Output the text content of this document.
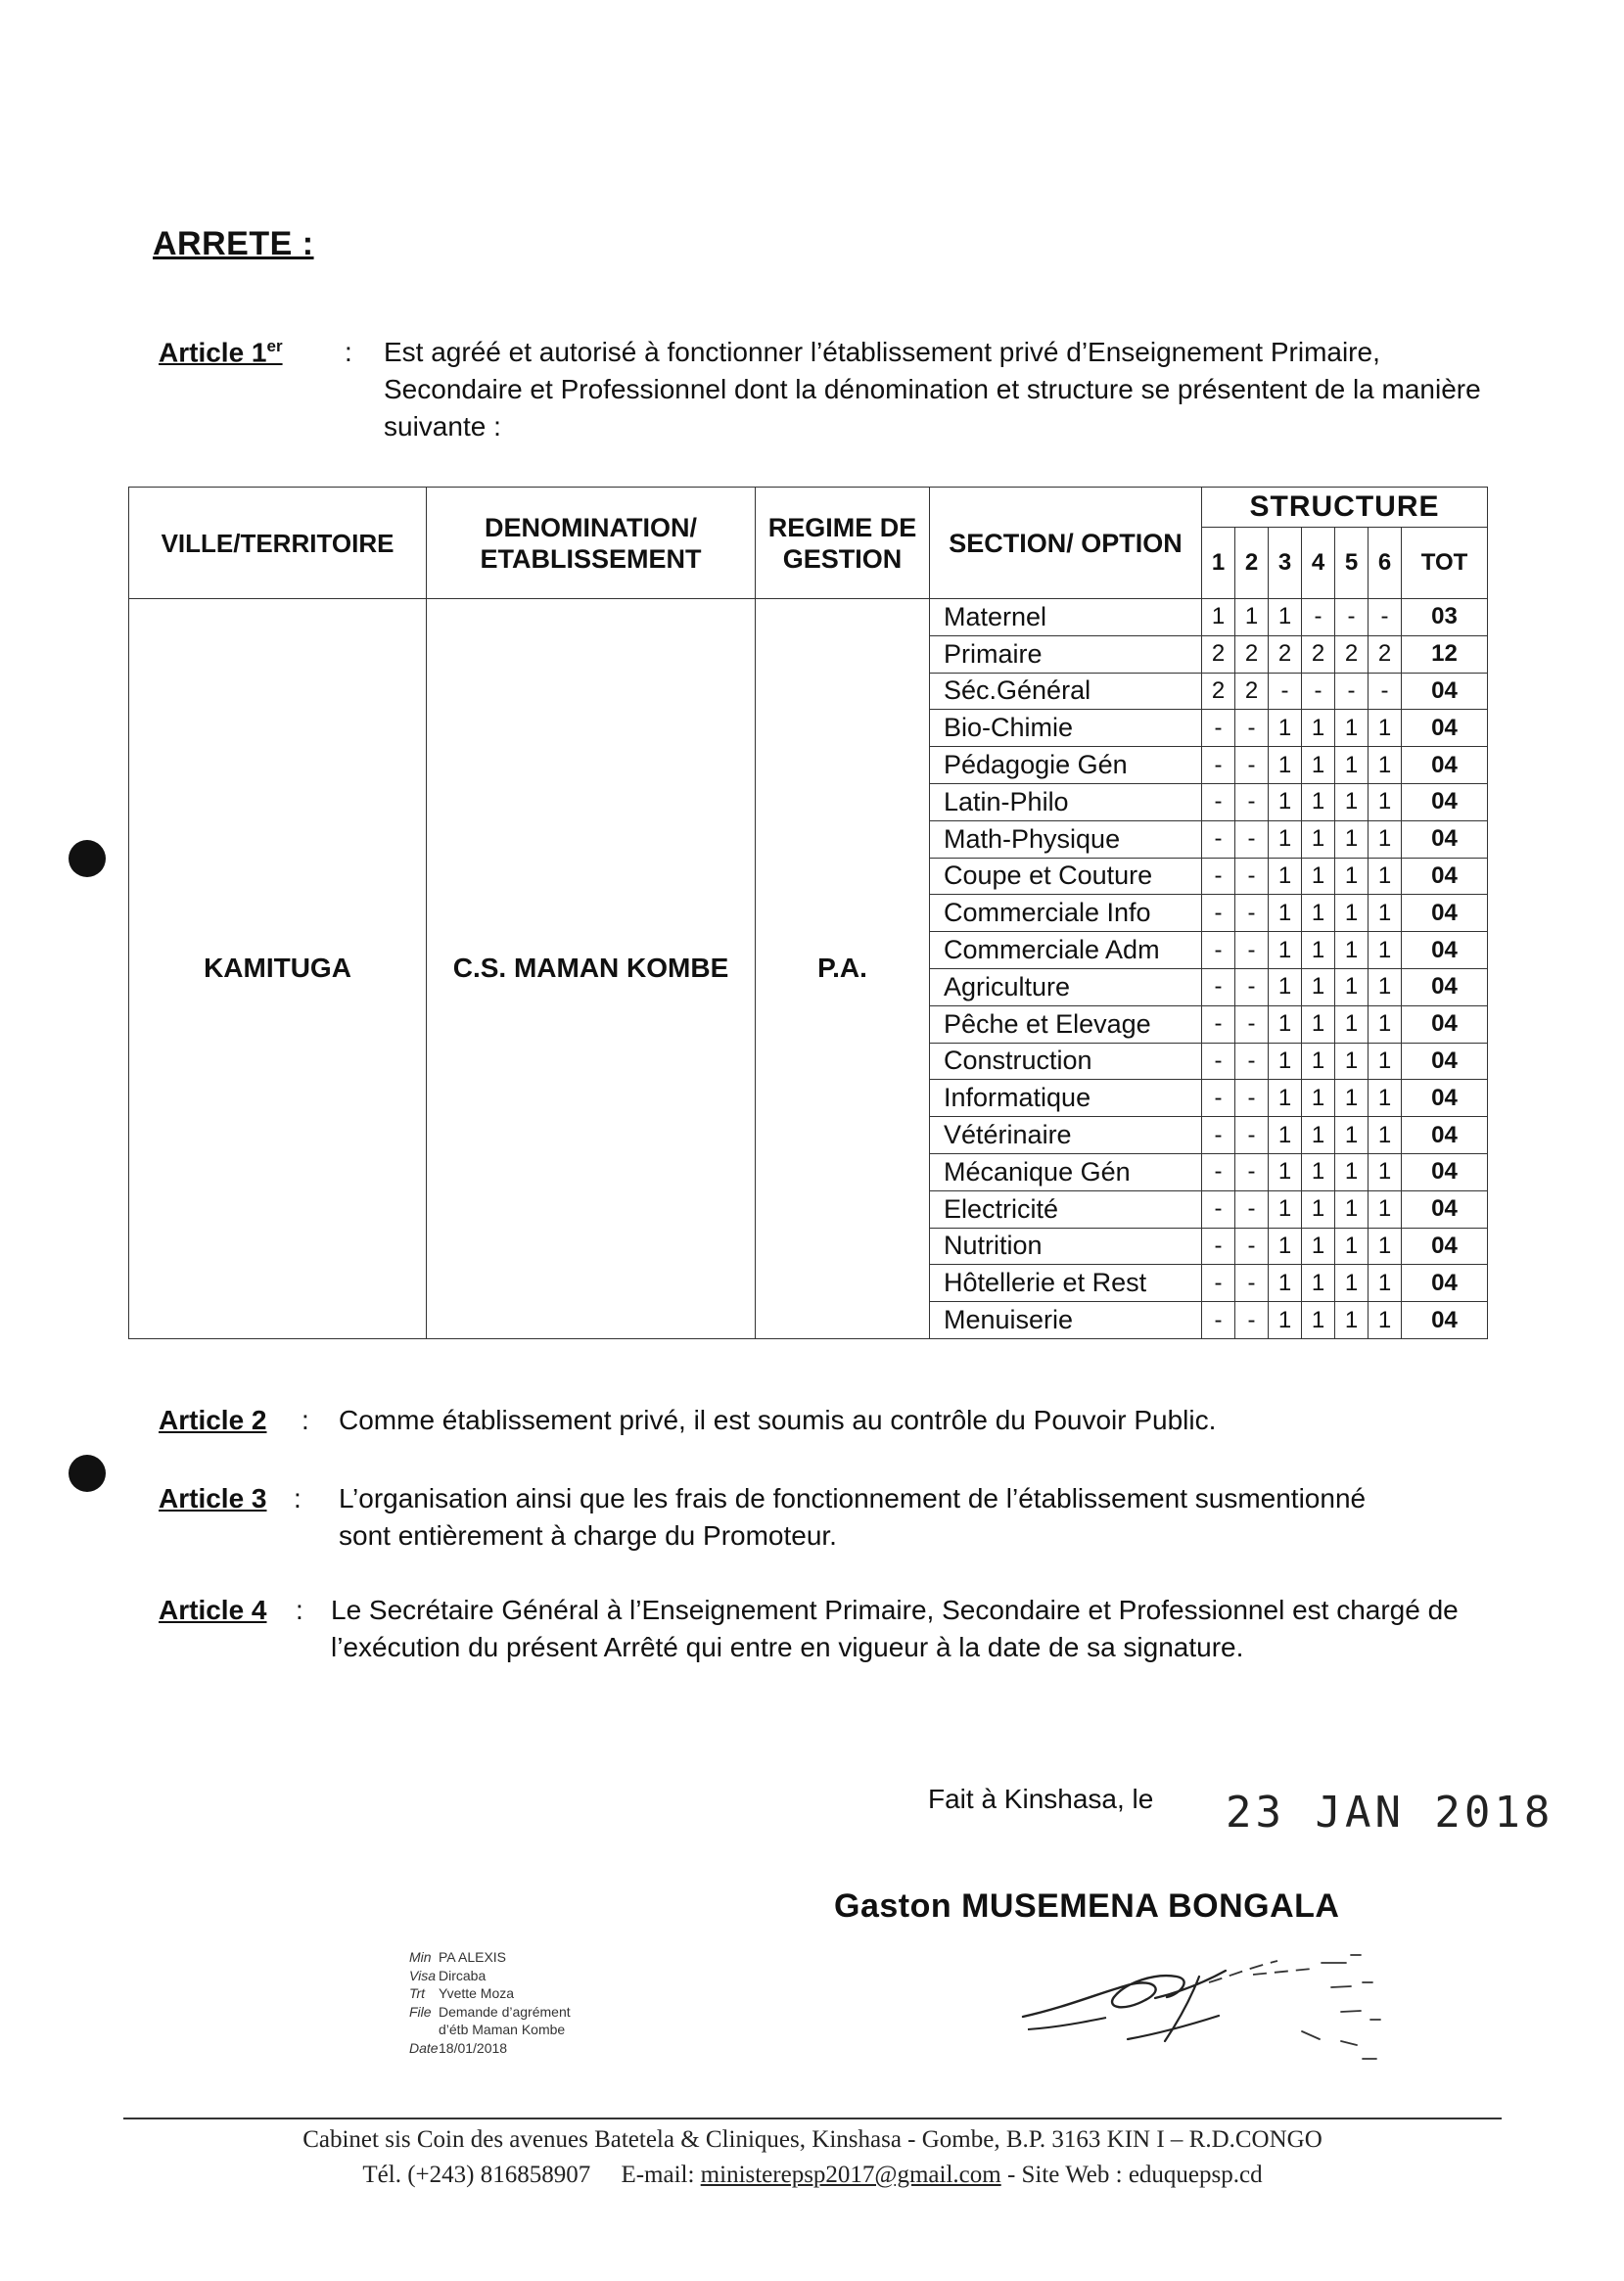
ARRETE :
Article 1er : Est agréé et autorisé à fonctionner l’établissement privé d’Enseignement Primaire, Secondaire et Professionnel dont la dénomination et structure se présentent de la manière suivante :
VILLE/TERRITOIRE	DENOMINATION/ ETABLISSEMENT	REGIME DE GESTION	SECTION/ OPTION	STRUCTURE						
				1	2	3	4	5	6	TOT
KAMITUGA	C.S. MAMAN KOMBE	P.A.	Maternel	1	1	1	-	-	-	03
			Primaire	2	2	2	2	2	2	12
			Séc.Général	2	2	-	-	-	-	04
			Bio-Chimie	-	-	1	1	1	1	04
			Pédagogie Gén	-	-	1	1	1	1	04
			Latin-Philo	-	-	1	1	1	1	04
			Math-Physique	-	-	1	1	1	1	04
			Coupe et Couture	-	-	1	1	1	1	04
			Commerciale Info	-	-	1	1	1	1	04
			Commerciale Adm	-	-	1	1	1	1	04
			Agriculture	-	-	1	1	1	1	04
			Pêche et Elevage	-	-	1	1	1	1	04
			Construction	-	-	1	1	1	1	04
			Informatique	-	-	1	1	1	1	04
			Vétérinaire	-	-	1	1	1	1	04
			Mécanique Gén	-	-	1	1	1	1	04
			Electricité	-	-	1	1	1	1	04
			Nutrition	-	-	1	1	1	1	04
			Hôtellerie et Rest	-	-	1	1	1	1	04
			Menuiserie	-	-	1	1	1	1	04
Article 2 : Comme établissement privé, il est soumis au contrôle du Pouvoir Public.
Article 3 : L’organisation ainsi que les frais de fonctionnement de l’établissement susmentionné sont entièrement à charge du Promoteur.
Article 4 : Le Secrétaire Général à l’Enseignement Primaire, Secondaire et Professionnel est chargé de l’exécution du présent Arrêté qui entre en vigueur à la date de sa signature.
Fait à Kinshasa, le 23 JAN 2018
Gaston MUSEMENA BONGALA
Min PA ALEXIS
Visa Dircaba
Trt Yvette Moza
File Demande d’agrément
d’étb Maman Kombe
Date18/01/2018
Cabinet sis Coin des avenues Batetela & Cliniques, Kinshasa - Gombe, B.P. 3163 KIN I – R.D.CONGO
Tél. (+243) 816858907 E-mail: ministerepsp2017@gmail.com - Site Web : eduquepsp.cd
